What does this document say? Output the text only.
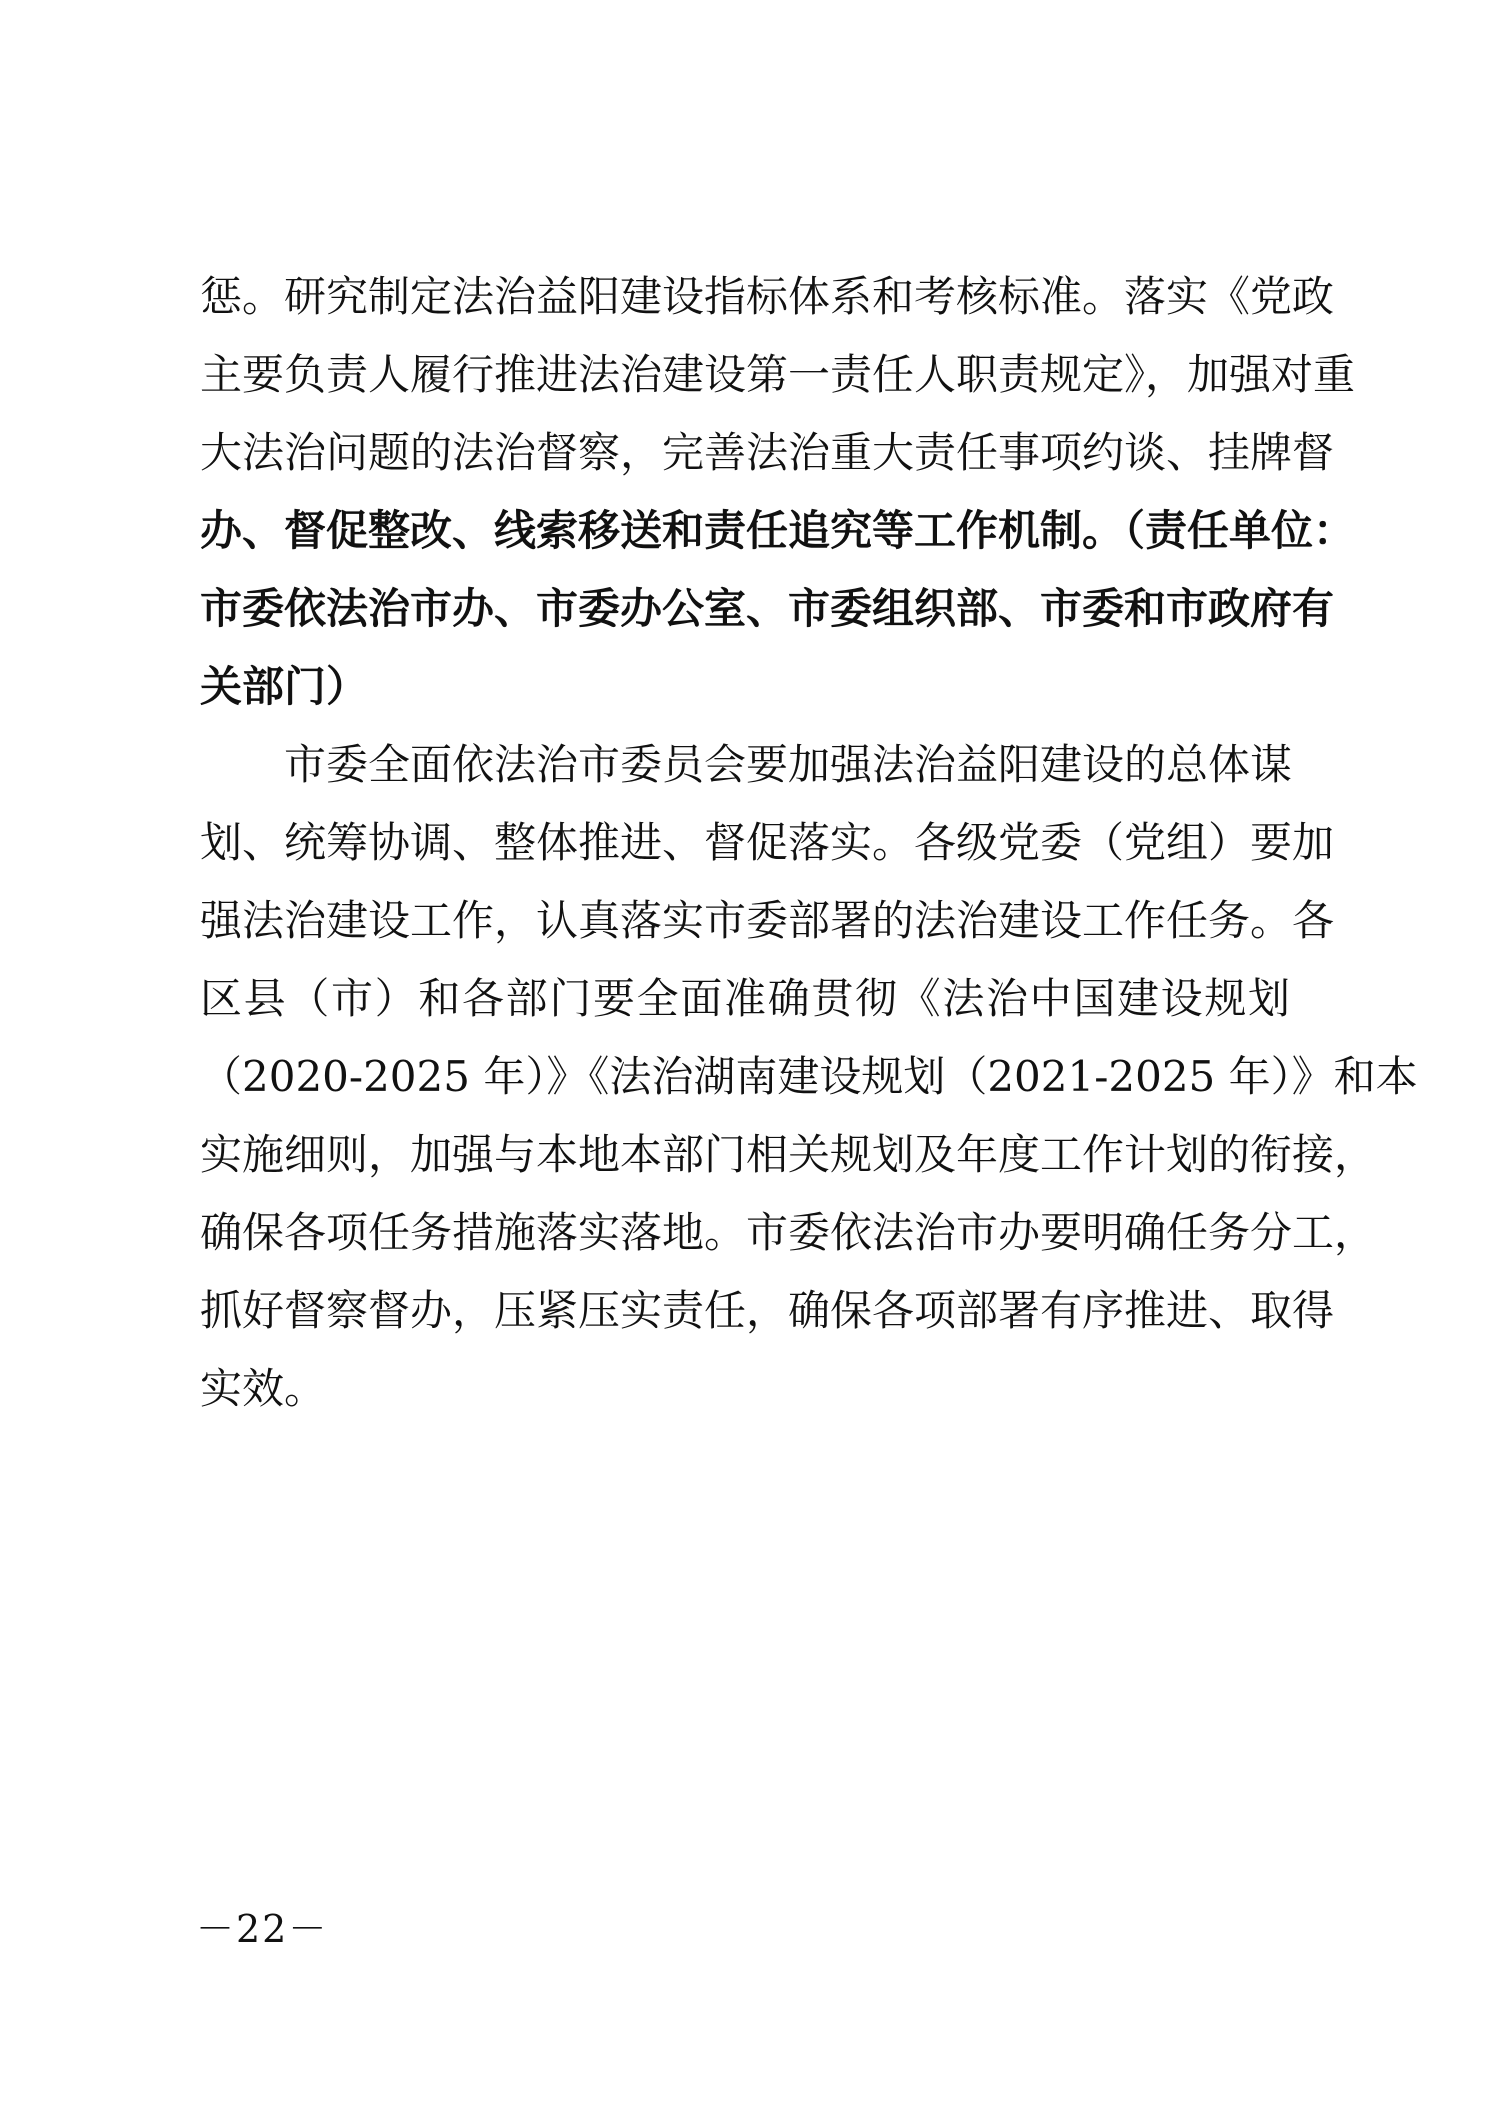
惩。研究制定法治益阳建设指标体系和考核标准。落实《党政
主要负责人履行推进法治建设第一责任人职责规定》，加强对重
大法治问题的法治督察，完善法治重大责任事项约谈、挂牌督
办、督促整改、线索移送和责任追究等工作机制。（责任单位：
市委依法治市办、市委办公室、市委组织部、市委和市政府有
关部门）
　　市委全面依法治市委员会要加强法治益阳建设的总体谋
划、统筹协调、整体推进、督促落实。各级党委（党组）要加
强法治建设工作，认真落实市委部署的法治建设工作任务。各
区县（市）和各部门要全面准确贯彻《法治中国建设规划
（2020-2025 年）》《法治湖南建设规划（2021-2025 年）》和本
实施细则，加强与本地本部门相关规划及年度工作计划的衔接，
确保各项任务措施落实落地。市委依法治市办要明确任务分工，
抓好督察督办，压紧压实责任，确保各项部署有序推进、取得
实效。
－22－
